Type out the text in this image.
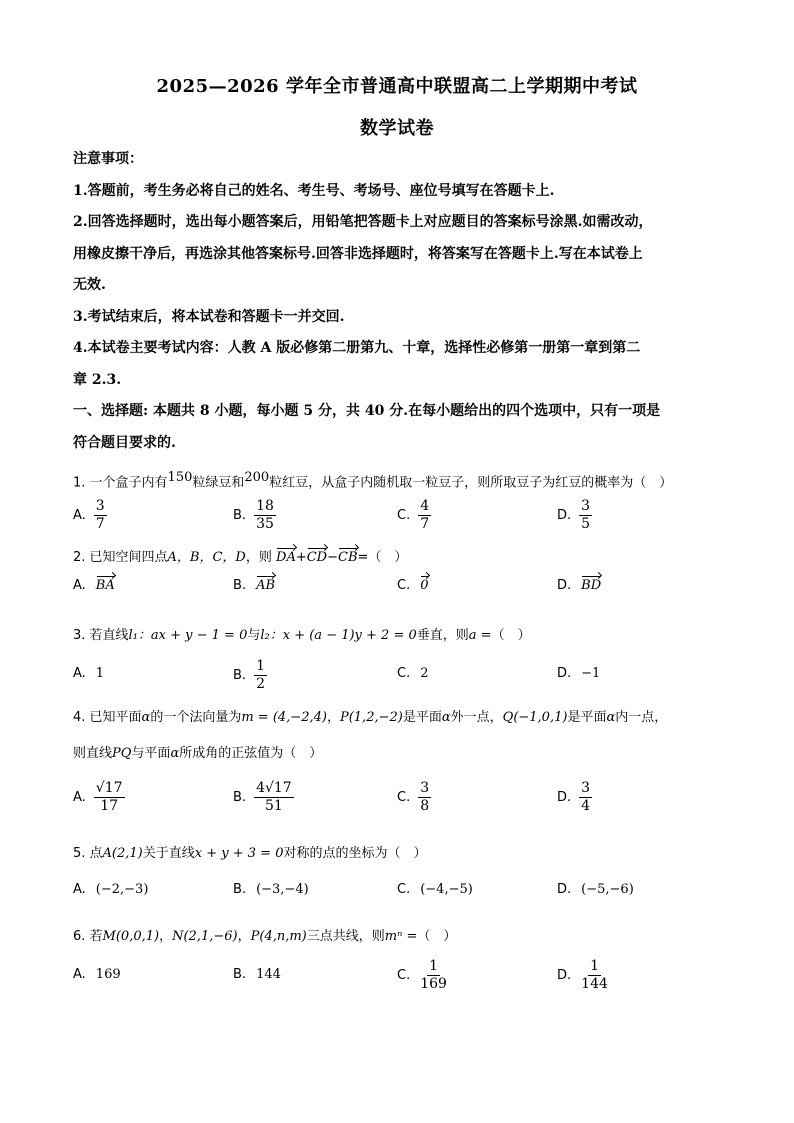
2025—2026 学年全市普通高中联盟高二上学期期中考试
数学试卷
注意事项：
1.答题前，考生务必将自己的姓名、考生号、考场号、座位号填写在答题卡上.
2.回答选择题时，选出每小题答案后，用铅笔把答题卡上对应题目的答案标号涂黑.如需改动，
用橡皮擦干净后，再选涂其他答案标号.回答非选择题时，将答案写在答题卡上.写在本试卷上
无效.
3.考试结束后，将本试卷和答题卡一并交回.
4.本试卷主要考试内容：人教 A 版必修第二册第九、十章，选择性必修第一册第一章到第二
章 2.3.
一、选择题: 本题共 8 小题，每小题 5 分，共 40 分.在每小题给出的四个选项中，只有一项是
符合题目要求的.
1. 一个盒子内有$^{150}$粒绿豆和$^{200}$粒红豆，从盒子内随机取一粒豆子，则所取豆子为红豆的概率为（　）
A. $\frac{3}{7}$	B. $\frac{18}{35}$	C. $\frac{4}{7}$	D. $\frac{3}{5}$
2. 已知空间四点A，B，C，D，则 DA+CD−CB=（　）
A. BA	B. AB	C. 0	D. BD
3. 若直线l₁：ax + y − 1 = 0与l₂：x + (a − 1)y + 2 = 0垂直，则a =（　）
A. 1	B. $\frac{1}{2}$	C. 2	D. −1
4. 已知平面α的一个法向量为m = (4,−2,4)，P(1,2,−2)是平面α外一点，Q(−1,0,1)是平面α内一点，
则直线PQ与平面α所成角的正弦值为（　）
A. $\frac{√17}{17}$	B. $\frac{4√17}{51}$	C. $\frac{3}{8}$	D. $\frac{3}{4}$
5. 点A(2,1)关于直线x + y + 3 = 0对称的点的坐标为（　）
A. (−2,−3)	B. (−3,−4)	C. (−4,−5)	D. (−5,−6)
6. 若M(0,0,1)，N(2,1,−6)，P(4,n,m)三点共线，则mⁿ =（　）
A. 169	B. 144	C. $\frac{1}{169}$	D. $\frac{1}{144}$
